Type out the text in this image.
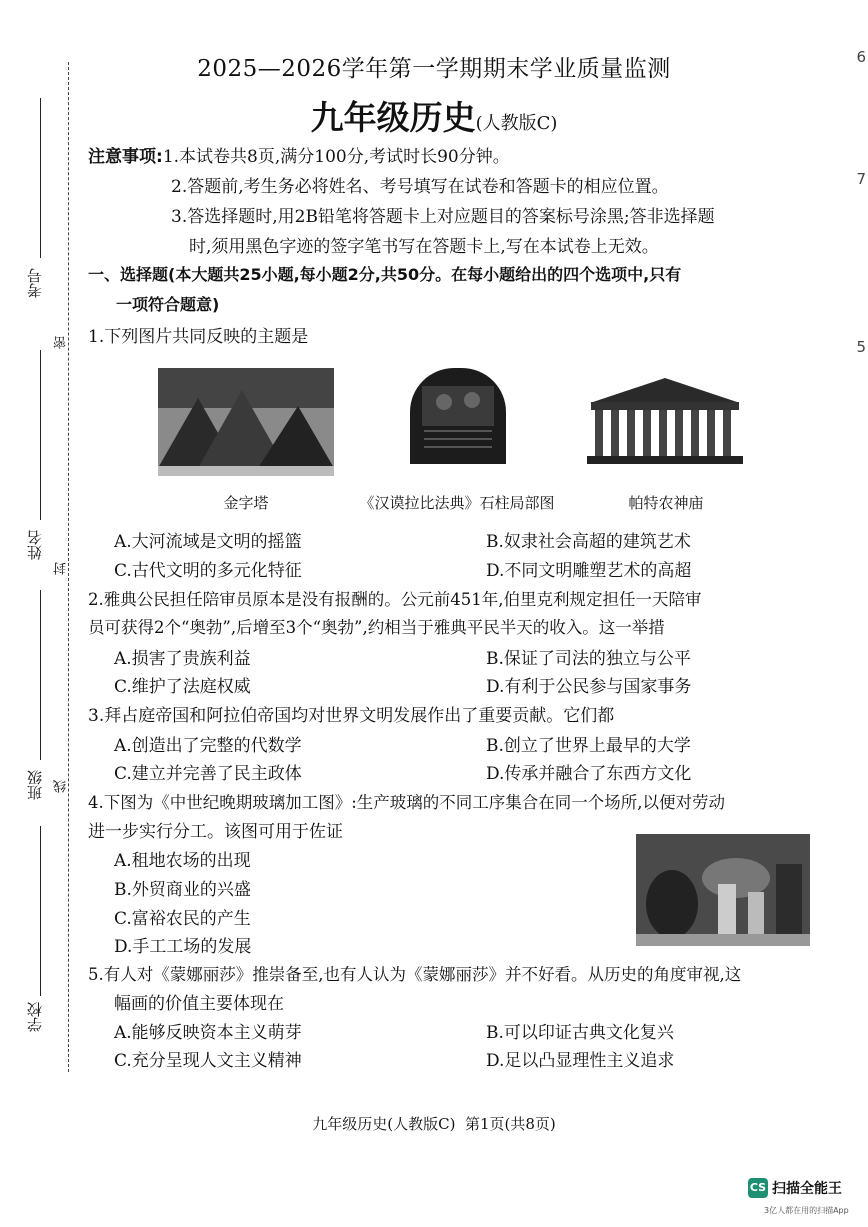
考号
姓名
班级
学校
密
封
线
6
7
5
2025—2026学年第一学期期末学业质量监测
九年级历史(人教版C)
注意事项:1.本试卷共8页,满分100分,考试时长90分钟。
2.答题前,考生务必将姓名、考号填写在试卷和答题卡的相应位置。
3.答选择题时,用2B铅笔将答题卡上对应题目的答案标号涂黑;答非选择题
时,须用黑色字迹的签字笔书写在答题卡上,写在本试卷上无效。
一、选择题(本大题共25小题,每小题2分,共50分。在每小题给出的四个选项中,只有
一项符合题意)
1.下列图片共同反映的主题是
金字塔	《汉谟拉比法典》石柱局部图	帕特农神庙
A.大河流域是文明的摇篮	B.奴隶社会高超的建筑艺术
C.古代文明的多元化特征	D.不同文明雕塑艺术的高超
2.雅典公民担任陪审员原本是没有报酬的。公元前451年,伯里克利规定担任一天陪审
员可获得2个“奥勃”,后增至3个“奥勃”,约相当于雅典平民半天的收入。这一举措
A.损害了贵族利益	B.保证了司法的独立与公平
C.维护了法庭权威	D.有利于公民参与国家事务
3.拜占庭帝国和阿拉伯帝国均对世界文明发展作出了重要贡献。它们都
A.创造出了完整的代数学	B.创立了世界上最早的大学
C.建立并完善了民主政体	D.传承并融合了东西方文化
4.下图为《中世纪晚期玻璃加工图》:生产玻璃的不同工序集合在同一个场所,以便对劳动
进一步实行分工。该图可用于佐证
A.租地农场的出现
B.外贸商业的兴盛
C.富裕农民的产生
D.手工工场的发展
5.有人对《蒙娜丽莎》推崇备至,也有人认为《蒙娜丽莎》并不好看。从历史的角度审视,这
幅画的价值主要体现在
A.能够反映资本主义萌芽	B.可以印证古典文化复兴
C.充分呈现人文主义精神	D.足以凸显理性主义追求
九年级历史(人教版C)  第1页(共8页)
CS 扫描全能王
3亿人都在用的扫描App
